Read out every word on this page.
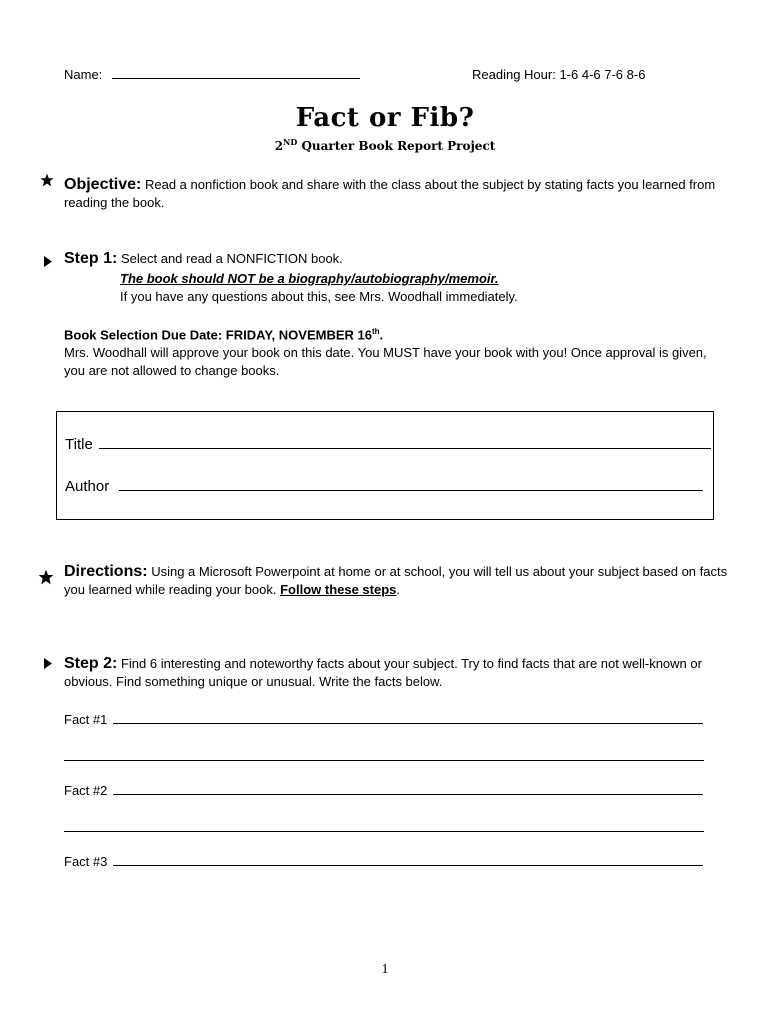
Name:	Reading Hour: 1-6 4-6 7-6 8-6
Fact or Fib?
2ND Quarter Book Report Project
Objective: Read a nonfiction book and share with the class about the subject by stating facts you learned from
reading the book.
Step 1: Select and read a NONFICTION book.
The book should NOT be a biography/autobiography/memoir.
If you have any questions about this, see Mrs. Woodhall immediately.
Book Selection Due Date: FRIDAY, NOVEMBER 16th.
Mrs. Woodhall will approve your book on this date. You MUST have your book with you! Once approval is given,
you are not allowed to change books.
Title
Author
Directions: Using a Microsoft Powerpoint at home or at school, you will tell us about your subject based on facts
you learned while reading your book. Follow these steps.
Step 2: Find 6 interesting and noteworthy facts about your subject. Try to find facts that are not well-known or
obvious. Find something unique or unusual. Write the facts below.
Fact #1
Fact #2
Fact #3
1
